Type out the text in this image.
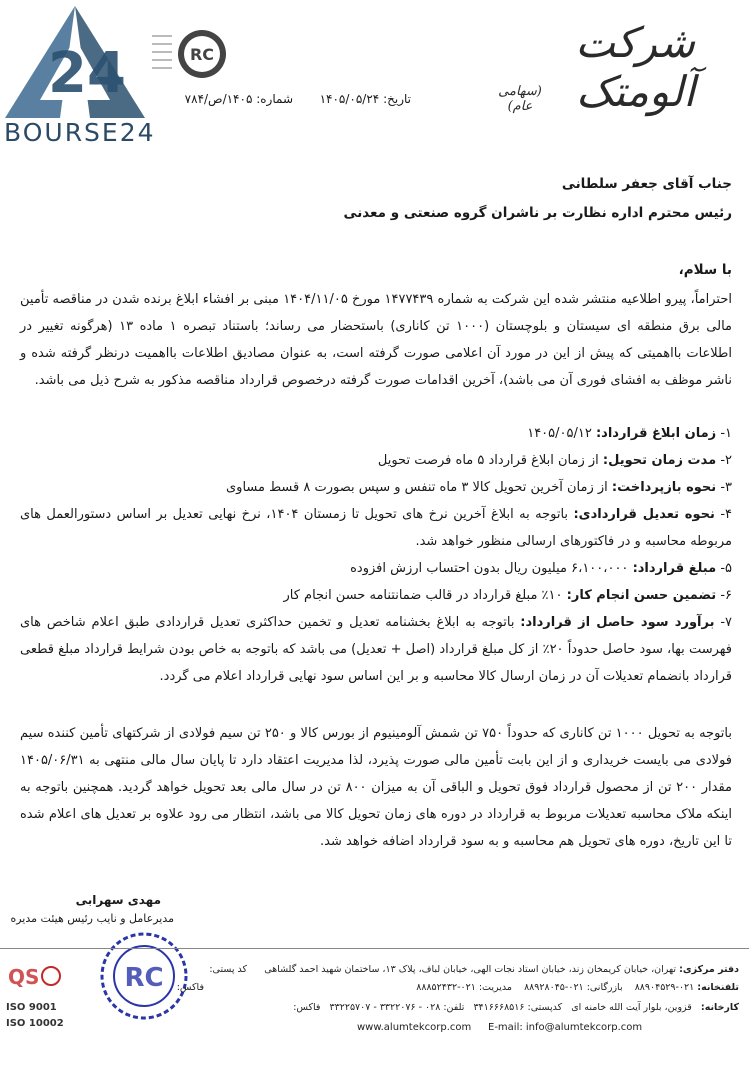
24
BOURSE24
RC	شرکت آلومتک
(سهامی عام)
تاریخ: ۱۴۰۵/۰۵/۲۴
شماره: ۱۴۰۵/ص/۷۸۴
جناب آقای جعفر سلطانی
رئیس محترم اداره نظارت بر ناشران گروه صنعتی و معدنی
با سلام،
احتراماً، پیرو اطلاعیه منتشر شده این شرکت به شماره ۱۴۷۷۴۳۹ مورخ ۱۴۰۴/۱۱/۰۵ مبنی بر افشاء ابلاغ برنده شدن در مناقصه تأمین مالی برق منطقه ای سیستان و بلوچستان (۱۰۰۰ تن کاناری) باستحضار می رساند؛ باستناد تبصره ۱ ماده ۱۳ (هرگونه تغییر در اطلاعات بااهمیتی که پیش از این در مورد آن اعلامی صورت گرفته است، به عنوان مصادیق اطلاعات بااهمیت درنظر گرفته شده و ناشر موظف به افشای فوری آن می باشد)، آخرین اقدامات صورت گرفته درخصوص قرارداد مناقصه مذکور به شرح ذیل می باشد.
۱- زمان ابلاغ قرارداد: ۱۴۰۵/۰۵/۱۲
۲- مدت زمان تحویل: از زمان ابلاغ قرارداد ۵ ماه فرصت تحویل
۳- نحوه بازپرداخت: از زمان آخرین تحویل کالا ۳ ماه تنفس و سپس بصورت ۸ قسط مساوی
۴- نحوه تعدیل قراردادی: باتوجه به ابلاغ آخرین نرخ های تحویل تا زمستان ۱۴۰۴، نرخ نهایی تعدیل بر اساس دستورالعمل های مربوطه محاسبه و در فاکتورهای ارسالی منظور خواهد شد.
۵- مبلغ قرارداد: ۶،۱۰۰،۰۰۰ میلیون ریال بدون احتساب ارزش افزوده
۶- تضمین حسن انجام کار: ۱۰٪ مبلغ قرارداد در قالب ضمانتنامه حسن انجام کار
۷- برآورد سود حاصل از قرارداد: باتوجه به ابلاغ بخشنامه تعدیل و تخمین حداکثری تعدیل قراردادی طبق اعلام شاخص های فهرست بها، سود حاصل حدوداً ۲۰٪ از کل مبلغ قرارداد (اصل + تعدیل) می باشد که باتوجه به خاص بودن شرایط قرارداد مبلغ قطعی قرارداد بانضمام تعدیلات آن در زمان ارسال کالا محاسبه و بر این اساس سود نهایی قرارداد اعلام می گردد.
باتوجه به تحویل ۱۰۰۰ تن کاناری که حدوداً ۷۵۰ تن شمش آلومینیوم از بورس کالا و ۲۵۰ تن سیم فولادی از شرکتهای تأمین کننده سیم فولادی می بایست خریداری و از این بابت تأمین مالی صورت پذیرد، لذا مدیریت اعتقاد دارد تا پایان سال مالی منتهی به ۱۴۰۵/۰۶/۳۱ مقدار ۲۰۰ تن از محصول قرارداد فوق تحویل و الباقی آن به میزان ۸۰۰ تن در سال مالی بعد تحویل خواهد گردید. همچنین باتوجه به اینکه ملاک محاسبه تعدیلات مربوط به قرارداد در دوره های زمان تحویل کالا می باشد، انتظار می رود علاوه بر تعدیل های اعلام شده تا این تاریخ، دوره های تحویل هم محاسبه و به سود قرارداد اضافه خواهد شد.
مهدی سهرابی
مدیرعامل و نایب رئیس هیئت مدیره
RC	دفتر مرکزی: تهران، خیابان کریمخان زند، خیابان استاد نجات الهی، خیابان لباف، پلاک ۱۳، ساختمان شهید احمد گلشاهی
کد پستی:
تلفنخانه: ۰۲۱-۸۸۹۰۴۵۲۹    بازرگانی: ۰۲۱-۸۸۹۲۸۰۴۵    مدیریت: ۰۲۱-۸۸۸۵۲۴۳۲
فاکس:
کارخانه:   قزوین، بلوار آیت الله خامنه ای   کدپستی: ۳۴۱۶۶۶۸۵۱۶   تلفن: ۰۲۸ - ۳۳۲۲۰۷۶ - ۳۳۲۲۵۷۰۷   فاکس:
www.alumtekcorp.com E-mail: info@alumtekcorp.com
QS
ISO 9001
ISO 10002
